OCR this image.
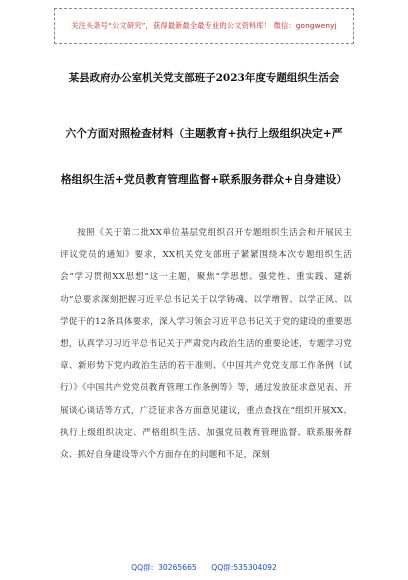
关注头条号“公文研究”，获得最新最全最专业的公文资料库！ 微信：gongwenyj
某县政府办公室机关党支部班子2023年度专题组织生活会
六个方面对照检查材料（主题教育+执行上级组织决定+严
格组织生活+党员教育管理监督+联系服务群众+自身建设）

按照《关于第二批XX单位基层党组织召开专题组织生活会和开展民主评议党员的通知》要求，XX机关党支部班子紧紧围绕本次专题组织生活会“学习贯彻XX思想”这一主题，聚焦“学思想、强党性、重实践、建新功”总要求深刻把握习近平总书记关于以学铸魂、以学增智、以学正风、以学促干的12条具体要求，深入学习领会习近平总书记关于党的建设的重要思想，认真学习习近平总书记关于严肃党内政治生活的重要论述，专题学习党章、新形势下党内政治生活的若干准则、《中国共产党党支部工作条例（试行）》《中国共产党党员教育管理工作条例等》等，通过发放征求意见表、开展谈心谈话等方式，广泛征求各方面意见建议，重点查找在“组织开展XX、执行上级组织决定、严格组织生活、加强党员教育管理监督、联系服务群众、抓好自身建设等六个方面存在的问题和不足，深刻

QQ群:  30265665      QQ群:535304092
